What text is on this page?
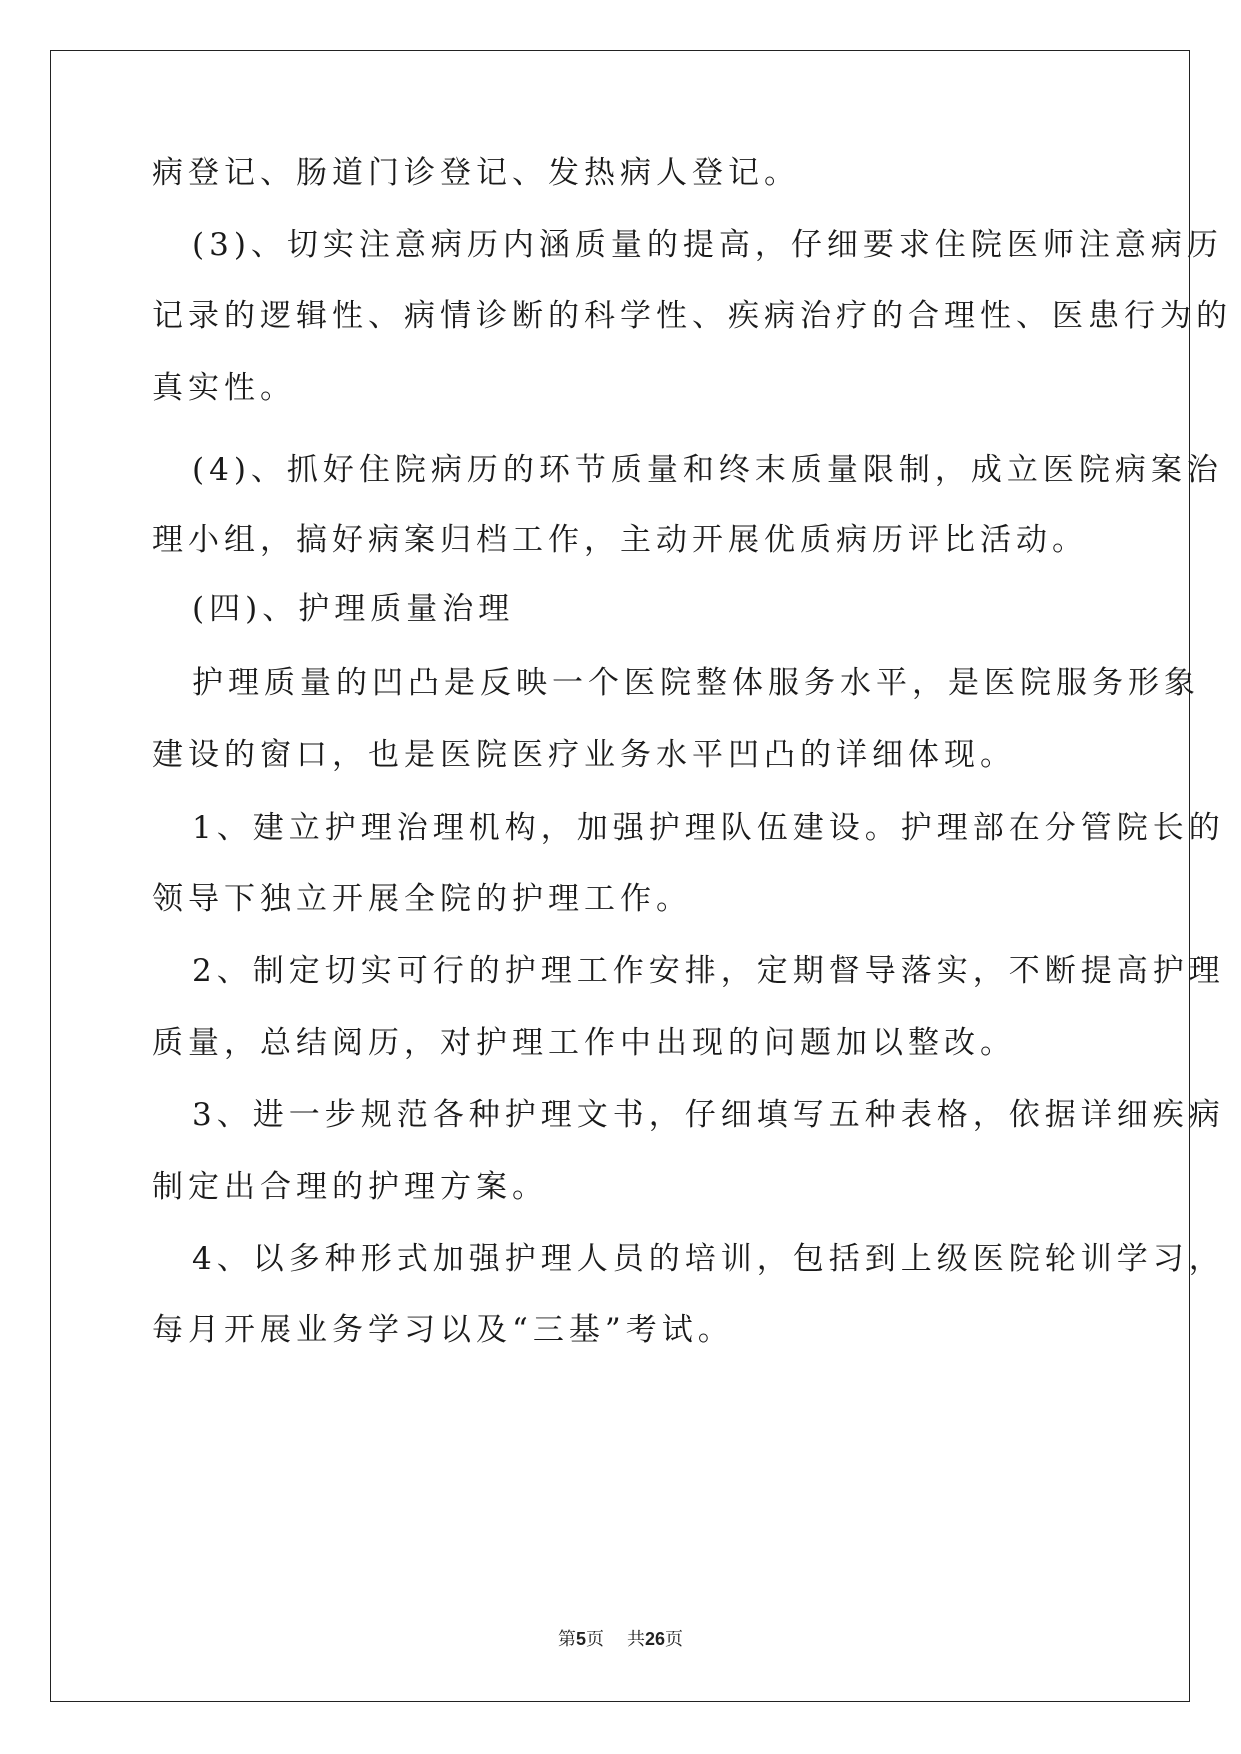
病登记、肠道门诊登记、发热病人登记。
(3)、切实注意病历内涵质量的提高，仔细要求住院医师注意病历
记录的逻辑性、病情诊断的科学性、疾病治疗的合理性、医患行为的
真实性。
(4)、抓好住院病历的环节质量和终末质量限制，成立医院病案治
理小组，搞好病案归档工作，主动开展优质病历评比活动。
(四)、护理质量治理
护理质量的凹凸是反映一个医院整体服务水平，是医院服务形象
建设的窗口，也是医院医疗业务水平凹凸的详细体现。
1、建立护理治理机构，加强护理队伍建设。护理部在分管院长的
领导下独立开展全院的护理工作。
2、制定切实可行的护理工作安排，定期督导落实，不断提高护理
质量，总结阅历，对护理工作中出现的问题加以整改。
3、进一步规范各种护理文书，仔细填写五种表格，依据详细疾病
制定出合理的护理方案。
4、以多种形式加强护理人员的培训，包括到上级医院轮训学习，
每月开展业务学习以及“三基”考试。
第5页 共26页
